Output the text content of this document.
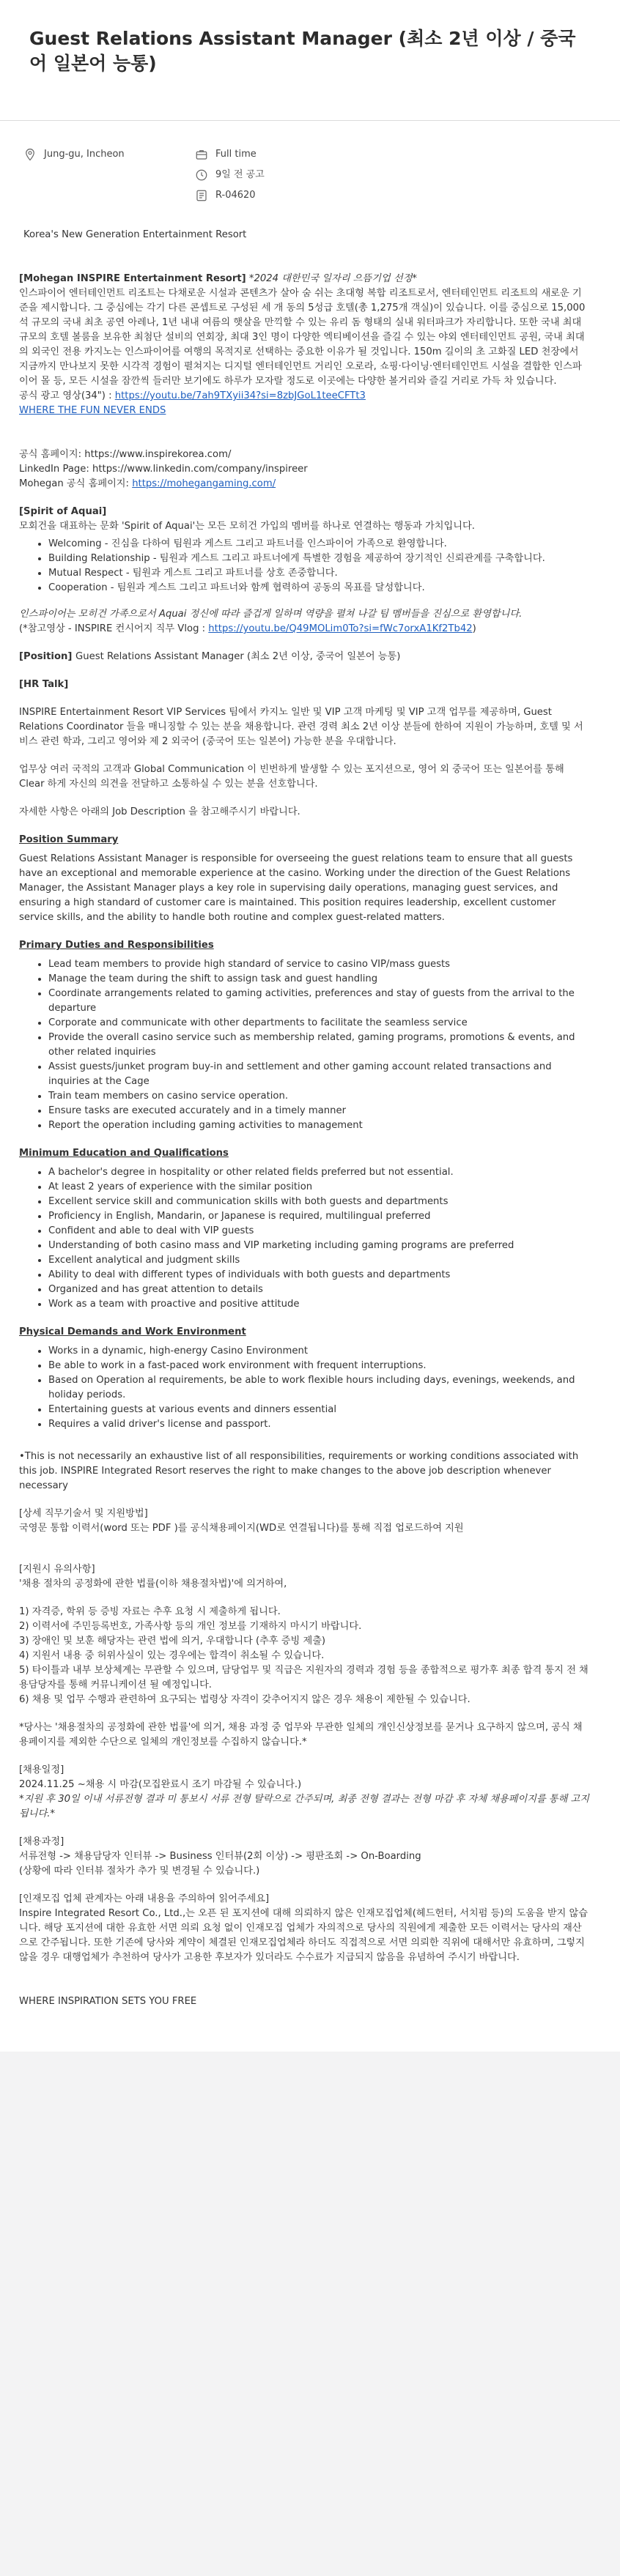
Guest Relations Assistant Manager (최소 2년 이상 / 중국어 일본어 능통)
Jung-gu, Incheon	Full time
9일 전 공고
R-04620
Korea's New Generation Entertainment Resort

[Mohegan INSPIRE Entertainment Resort] *2024 대한민국 일자리 으뜸기업 선정*

인스파이어 엔터테인먼트 리조트는 다채로운 시설과 콘텐츠가 살아 숨 쉬는 초대형 복합 리조트로서, 엔터테인먼트 리조트의 새로운 기준을 제시합니다. 그 중심에는 각기 다른 콘셉트로 구성된 세 개 동의 5성급 호텔(총 1,275개 객실)이 있습니다. 이를 중심으로 15,000석 규모의 국내 최초 공연 아레나, 1년 내내 여름의 햇살을 만끽할 수 있는 유리 돔 형태의 실내 워터파크가 자리합니다. 또한 국내 최대 규모의 호텔 볼룸을 보유한 최첨단 설비의 연회장, 최대 3인 명이 다양한 엑티베이션을 즐길 수 있는 야외 엔터테인먼트 공원, 국내 최대의 외국인 전용 카지노는 인스파이어를 여행의 목적지로 선택하는 중요한 이유가 될 것입니다. 150m 길이의 초 고화질 LED 천장에서 지금까지 만나보지 못한 시각적 경험이 펼쳐지는 디지털 엔터테인먼트 거리인 오로라, 쇼핑·다이닝·엔터테인먼트 시설을 결합한 인스파이어 몰 등, 모든 시설을 잠깐씩 들러만 보기에도 하루가 모자랄 정도로 이곳에는 다양한 볼거리와 즐길 거리로 가득 차 있습니다.

공식 광고 영상(34") : https://youtu.be/7ah9TXyii34?si=8zbJGoL1teeCFTt3

WHERE THE FUN NEVER ENDS

공식 홈페이지: https://www.inspirekorea.com/

LinkedIn Page: https://www.linkedin.com/company/inspireer

Mohegan 공식 홈페이지: https://mohegangaming.com/

[Spirit of Aquai]

모회건을 대표하는 문화 'Spirit of Aquai'는 모든 모히건 가입의 멤버를 하나로 연결하는 행동과 가치입니다.

• Welcoming - 진심을 다하여 팀원과 게스트 그리고 파트너를 인스파이어 가족으로 환영합니다.
• Building Relationship - 팀원과 게스트 그리고 파트너에게 특별한 경험을 제공하여 장기적인 신뢰관계를 구축합니다.
• Mutual Respect - 팀원과 게스트 그리고 파트너를 상호 존중합니다.
• Cooperation - 팀원과 게스트 그리고 파트너와 함께 협력하여 공동의 목표를 달성합니다.

인스파이어는 모히건 가족으로서 Aquai 정신에 따라 즐겁게 일하며 역량을 펼쳐 나갈 팀 멤버들을 진심으로 환영합니다.

(*참고영상 - INSPIRE 컨시어지 직무 Vlog : https://youtu.be/Q49MOLim0To?si=fWc7orxA1Kf2Tb42)

[Position] Guest Relations Assistant Manager (최소 2년 이상, 중국어 일본어 능통)

[HR Talk]

INSPIRE Entertainment Resort VIP Services 팀에서 카지노 일반 및 VIP 고객 마케팅 및 VIP 고객 업무를 제공하며, Guest Relations Coordinator 들을 매니징할 수 있는 분을 채용합니다. 관련 경력 최소 2년 이상 분들에 한하여 지원이 가능하며, 호텔 및 서비스 관련 학과, 그리고 영어와 제 2 외국어 (중국어 또는 일본어) 가능한 분을 우대합니다.

업무상 여러 국적의 고객과 Global Communication 이 빈번하게 발생할 수 있는 포지션으로, 영어 외 중국어 또는 일본어를 통해 Clear 하게 자신의 의견을 전달하고 소통하실 수 있는 분을 선호합니다.

자세한 사항은 아래의 Job Description 을 참고해주시기 바랍니다.

Position Summary

Guest Relations Assistant Manager is responsible for overseeing the guest relations team to ensure that all guests have an exceptional and memorable experience at the casino. Working under the direction of the Guest Relations Manager, the Assistant Manager plays a key role in supervising daily operations, managing guest services, and ensuring a high standard of customer care is maintained. This position requires leadership, excellent customer service skills, and the ability to handle both routine and complex guest-related matters.

Primary Duties and Responsibilities

• Lead team members to provide high standard of service to casino VIP/mass guests
• Manage the team during the shift to assign task and guest handling
• Coordinate arrangements related to gaming activities, preferences and stay of guests from the arrival to the departure
• Corporate and communicate with other departments to facilitate the seamless service
• Provide the overall casino service such as membership related, gaming programs, promotions & events, and other related inquiries
• Assist guests/junket program buy-in and settlement and other gaming account related transactions and inquiries at the Cage
• Train team members on casino service operation.
• Ensure tasks are executed accurately and in a timely manner
• Report the operation including gaming activities to management

Minimum Education and Qualifications

• A bachelor's degree in hospitality or other related fields preferred but not essential.
• At least 2 years of experience with the similar position
• Excellent service skill and communication skills with both guests and departments
• Proficiency in English, Mandarin, or Japanese is required, multilingual preferred
• Confident and able to deal with VIP guests
• Understanding of both casino mass and VIP marketing including gaming programs are preferred
• Excellent analytical and judgment skills
• Ability to deal with different types of individuals with both guests and departments
• Organized and has great attention to details
• Work as a team with proactive and positive attitude

Physical Demands and Work Environment

• Works in a dynamic, high-energy Casino Environment
• Be able to work in a fast-paced work environment with frequent interruptions.
• Based on Operation al requirements, be able to work flexible hours including days, evenings, weekends, and holiday periods.
• Entertaining guests at various events and dinners essential
• Requires a valid driver's license and passport.

•This is not necessarily an exhaustive list of all responsibilities, requirements or working conditions associated with this job. INSPIRE Integrated Resort reserves the right to make changes to the above job description whenever necessary

[상세 직무기술서 및 지원방법]

국영문 통합 이력서(word 또는 PDF )를 공식채용페이지(WD로 연결됩니다)를 통해 직접 업로드하여 지원

[지원시 유의사항]

'채용 절차의 공정화에 관한 법률(이하 채용절차법)'에 의거하여,

1) 자격증, 학위 등 증빙 자료는 추후 요청 시 제출하게 됩니다.

2) 이력서에 주민등록번호, 가족사항 등의 개인 정보를 기재하지 마시기 바랍니다.

3) 장애인 및 보훈 해당자는 관련 법에 의거, 우대합니다 (추후 증빙 제출)

4) 지원서 내용 중 허위사실이 있는 경우에는 합격이 취소될 수 있습니다.

5) 타이틀과 내부 보상체계는 무관할 수 있으며, 담당업무 및 직급은 지원자의 경력과 경험 등을 종합적으로 평가후 최종 합격 통지 전 채용담당자를 통해 커뮤니케이션 될 예정입니다.

6) 채용 및 업무 수행과 관련하여 요구되는 법령상 자격이 갖추어지지 않은 경우 채용이 제한될 수 있습니다.

*당사는 '채용절차의 공정화에 관한 법률'에 의거, 채용 과정 중 업무와 무관한 일체의 개인신상정보를 묻거나 요구하지 않으며, 공식 채용페이지를 제외한 수단으로 일체의 개인정보를 수집하지 않습니다.*

[채용일정]

2024.11.25 ~채용 시 마감(모집완료시 조기 마감될 수 있습니다.)

*지원 후 30일 이내 서류전형 결과 미 통보시 서류 전형 탈락으로 간주되며, 최종 전형 결과는 전형 마감 후 자체 채용페이지를 통해 고지됩니다.*

[채용과정]

서류전형 -> 채용담당자 인터뷰 -> Business 인터뷰(2회 이상) -> 평판조회 -> On-Boarding

(상황에 따라 인터뷰 절차가 추가 및 변경될 수 있습니다.)

[인재모집 업체 관계자는 아래 내용을 주의하여 읽어주세요]

Inspire Integrated Resort Co., Ltd.,는 오픈 된 포지션에 대해 의뢰하지 않은 인재모집업체(헤드헌터, 서치펌 등)의 도움을 받지 않습니다. 해당 포지션에 대한 유효한 서면 의뢰 요청 없이 인재모집 업체가 자의적으로 당사의 직원에게 제출한 모든 이력서는 당사의 재산으로 간주됩니다. 또한 기존에 당사와 계약이 체결된 인재모집업체라 하더도 직접적으로 서면 의뢰한 직위에 대해서만 유효하며, 그렇지 않을 경우 대행업체가 추천하여 당사가 고용한 후보자가 있더라도 수수료가 지급되지 않음을 유념하여 주시기 바랍니다.

WHERE INSPIRATION SETS YOU FREE
